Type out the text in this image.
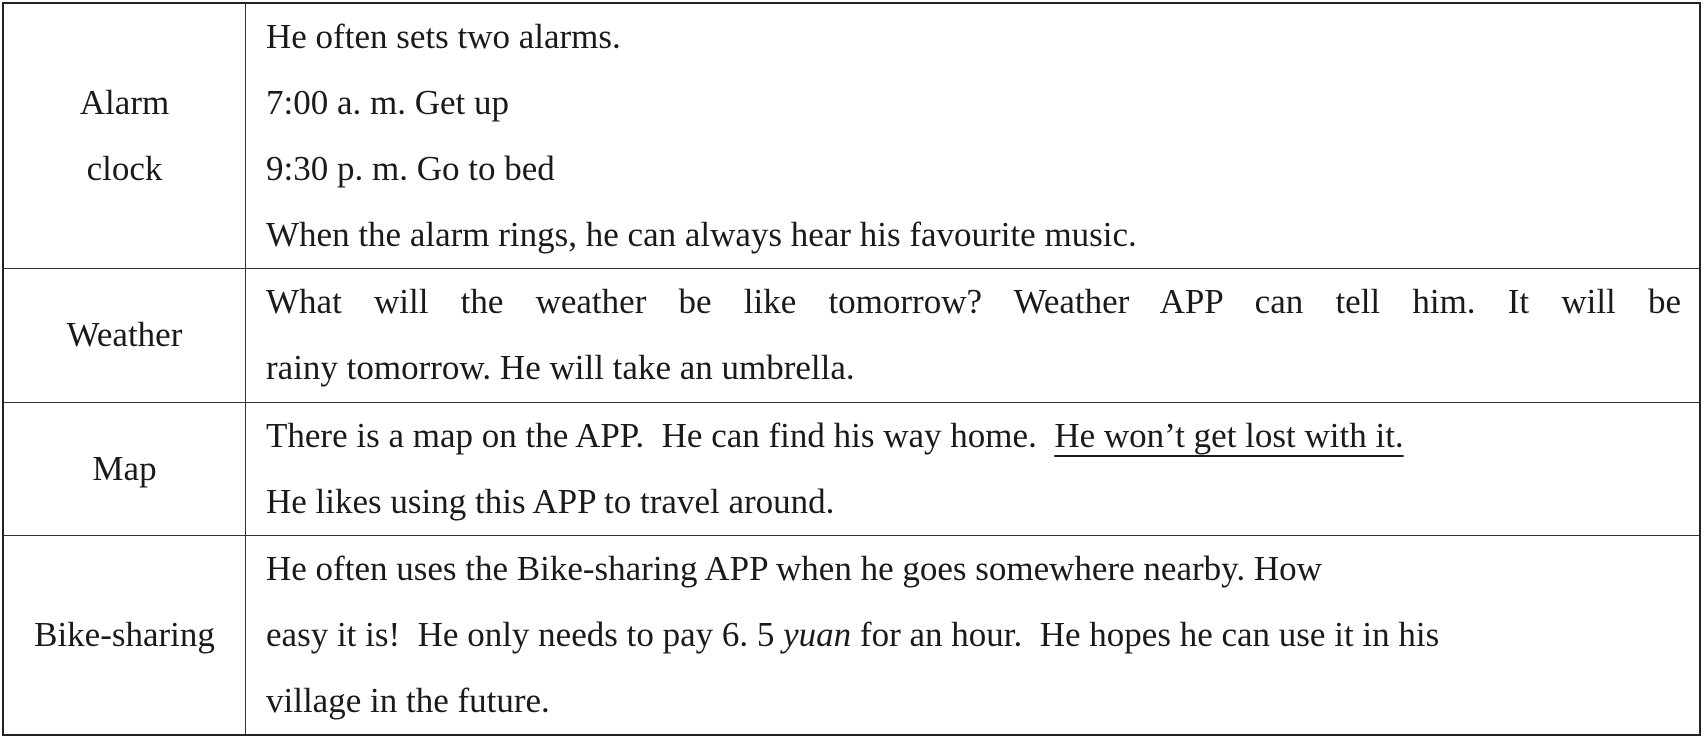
Alarm
clock	He often sets two alarms.
7:00 a. m. Get up
9:30 p. m. Go to bed
When the alarm rings, he can always hear his favourite music.

Weather	What will the weather be like tomorrow? Weather APP can tell him. It will be
rainy tomorrow. He will take an umbrella.

Map	There is a map on the APP.  He can find his way home.  He won’t get lost with it.
He likes using this APP to travel around.

Bike-sharing	He often uses the Bike-sharing APP when he goes somewhere nearby. How
easy it is!  He only needs to pay 6. 5 yuan for an hour.  He hopes he can use it in his
village in the future.
